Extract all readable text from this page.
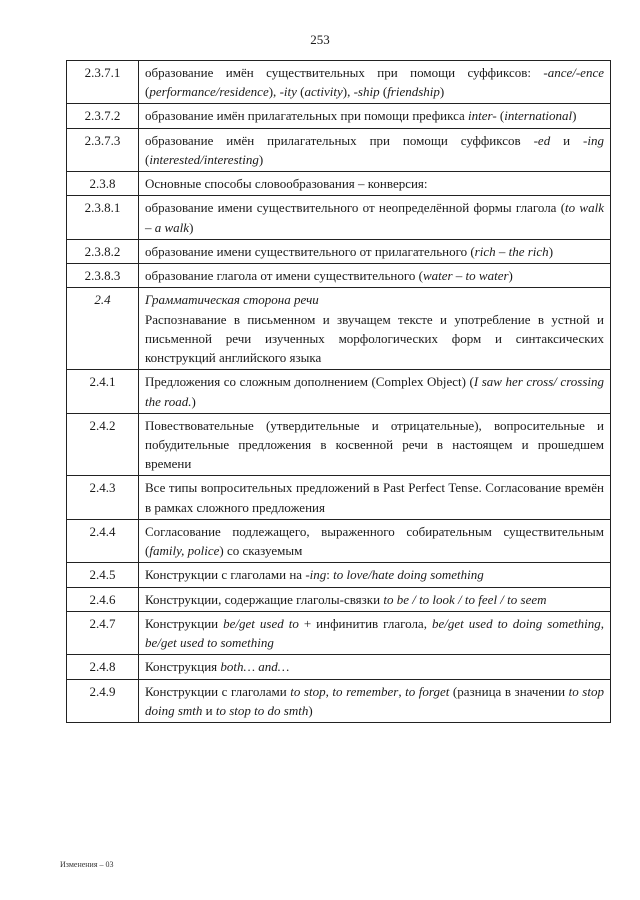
253
2.3.7.1	образование имён существительных при помощи суффиксов: -ance/-ence (performance/residence), -ity (activity), -ship (friendship)

2.3.7.2	образование имён прилагательных при помощи префикса inter- (international)

2.3.7.3	образование имён прилагательных при помощи суффиксов -ed и -ing (interested/interesting)

2.3.8	Основные способы словообразования – конверсия:

2.3.8.1	образование имени существительного от неопределённой формы глагола (to walk – a walk)

2.3.8.2	образование имени существительного от прилагательного (rich – the rich)

2.3.8.3	образование глагола от имени существительного (water – to water)

2.4	Грамматическая сторона речи
Распознавание в письменном и звучащем тексте и употребление в устной и письменной речи изученных морфологических форм и синтаксических конструкций английского языка

2.4.1	Предложения со сложным дополнением (Complex Object) (I saw her cross/ crossing the road.)

2.4.2	Повествовательные (утвердительные и отрицательные), вопросительные и побудительные предложения в косвенной речи в настоящем и прошедшем времени

2.4.3	Все типы вопросительных предложений в Past Perfect Tense. Согласование времён в рамках сложного предложения

2.4.4	Согласование подлежащего, выраженного собирательным существительным (family, police) со сказуемым

2.4.5	Конструкции с глаголами на -ing: to love/hate doing something

2.4.6	Конструкции, содержащие глаголы-связки to be / to look / to feel / to seem

2.4.7	Конструкции be/get used to + инфинитив глагола, be/get used to doing something, be/get used to something

2.4.8	Конструкция both… and…

2.4.9	Конструкции с глаголами to stop, to remember, to forget (разница в значении to stop doing smth и to stop to do smth)
Изменения – 03
